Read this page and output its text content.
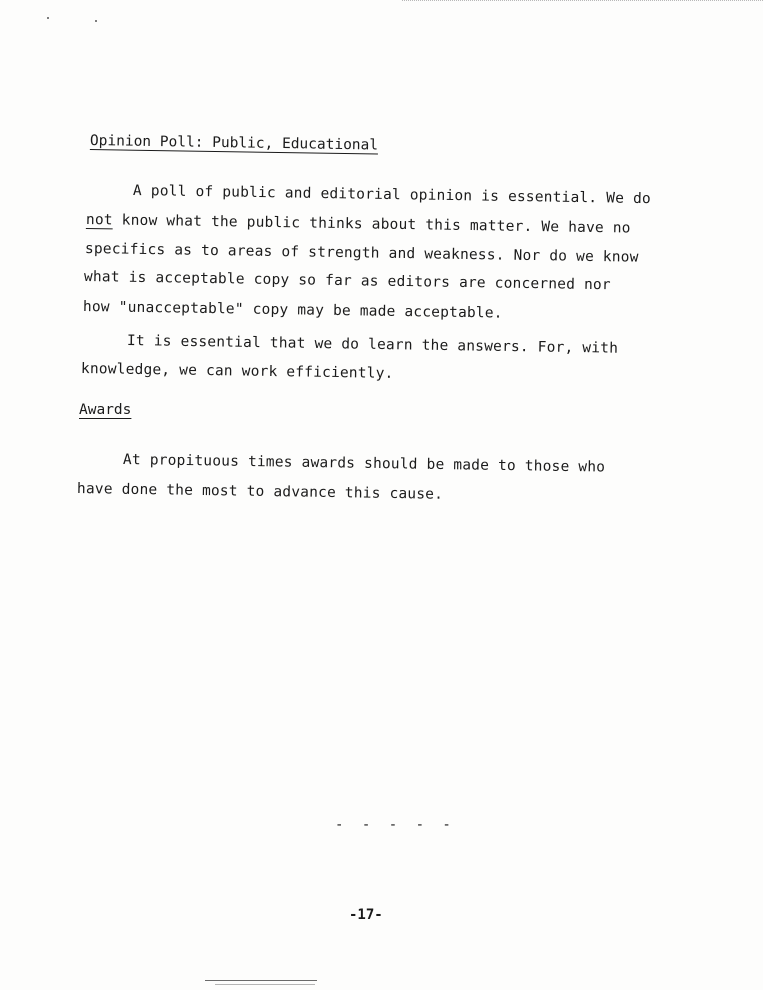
Opinion Poll: Public, Educational
A poll of public and editorial opinion is essential. We do
not know what the public thinks about this matter. We have no
specifics as to areas of strength and weakness. Nor do we know
what is acceptable copy so far as editors are concerned nor
how "unacceptable" copy may be made acceptable.
It is essential that we do learn the answers. For, with
knowledge, we can work efficiently.
Awards
At propituous times awards should be made to those who
have done the most to advance this cause.
- - - - -
-17-
